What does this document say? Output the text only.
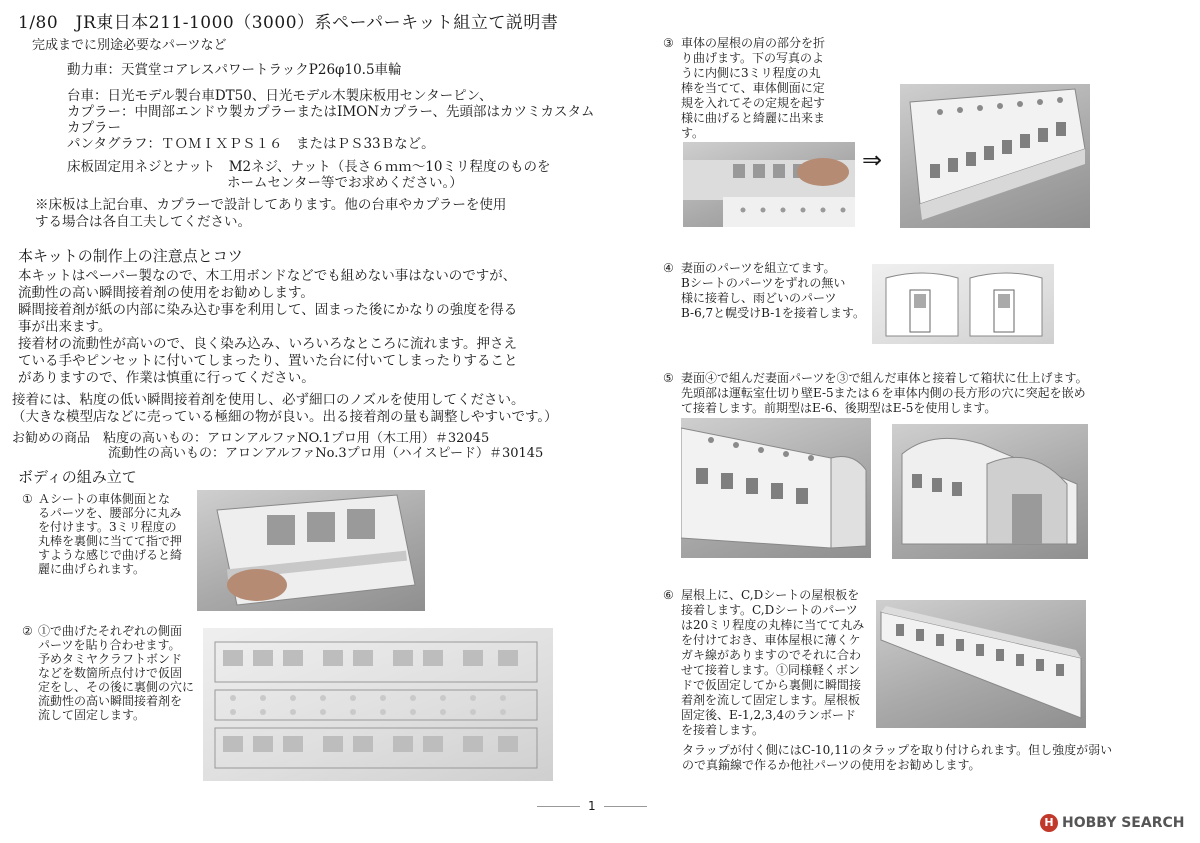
1/80　JR東日本211-1000（3000）系ペーパーキット組立て説明書
完成までに別途必要なパーツなど
動力車：天賞堂コアレスパワートラックP26φ10.5車輪
台車：日光モデル製台車DT50、日光モデル木製床板用センターピン、
カプラー：中間部エンドウ製カプラーまたはIMONカプラー、先頭部はカツミカスタム
カプラー
パンタグラフ：ＴＯＭＩＸＰＳ１６　またはＰＳ33Ｂなど。
床板固定用ネジとナット　M2ネジ、ナット（長さ６ｍｍ～10ミリ程度のものを
ホームセンター等でお求めください。）
※床板は上記台車、カプラーで設計してあります。他の台車やカプラーを使用
する場合は各自工夫してください。
本キットの制作上の注意点とコツ
本キットはペーパー製なので、木工用ボンドなどでも組めない事はないのですが、
流動性の高い瞬間接着剤の使用をお勧めします。
瞬間接着剤が紙の内部に染み込む事を利用して、固まった後にかなりの強度を得る
事が出来ます。
接着材の流動性が高いので、良く染み込み、いろいろなところに流れます。押さえ
ている手やピンセットに付いてしまったり、置いた台に付いてしまったりすること
がありますので、作業は慎重に行ってください。
接着には、粘度の低い瞬間接着剤を使用し、必ず細口のノズルを使用してください。
（大きな模型店などに売っている極細の物が良い。出る接着剤の量も調整しやすいです。）
お勧めの商品　粘度の高いもの：アロンアルファNO.1プロ用（木工用）＃32045
流動性の高いもの：アロンアルファNo.3プロ用（ハイスピード）＃30145
ボディの組み立て
① Ａシートの車体側面とな
るパーツを、腰部分に丸み
を付けます。3ミリ程度の
丸棒を裏側に当てて指で押
すような感じで曲げると綺
麗に曲げられます。
② ①で曲げたそれぞれの側面
パーツを貼り合わせます。
予めタミヤクラフトボンド
などを数箇所点付けで仮固
定をし、その後に裏側の穴に
流動性の高い瞬間接着剤を
流して固定します。
③ 車体の屋根の肩の部分を折
り曲げます。下の写真のよ
うに内側に3ミリ程度の丸
棒を当てて、車体側面に定
規を入れてその定規を起す
様に曲げると綺麗に出来ま
す。
⇒
④ 妻面のパーツを組立てます。
Bシートのパーツをずれの無い
様に接着し、雨どいのパーツ
B-6,7と幌受けB-1を接着します。
⑤ 妻面④で組んだ妻面パーツを③で組んだ車体と接着して箱状に仕上げます。
先頭部は運転室仕切り壁E-5または６を車体内側の長方形の穴に突起を嵌め
て接着します。前期型はE-6、後期型はE-5を使用します。
⑥ 屋根上に、C,Dシートの屋根板を
接着します。C,Dシートのパーツ
は20ミリ程度の丸棒に当てて丸み
を付けておき、車体屋根に薄くケ
ガキ線がありますのでそれに合わ
せて接着します。①同様軽くボン
ドで仮固定してから裏側に瞬間接
着剤を流して固定します。屋根板
固定後、E-1,2,3,4のランボード
を接着します。
タラップが付く側にはC-10,11のタラップを取り付けられます。但し強度が弱い
ので真鍮線で作るか他社パーツの使用をお勧めします。
1
H HOBBY SEARCH
